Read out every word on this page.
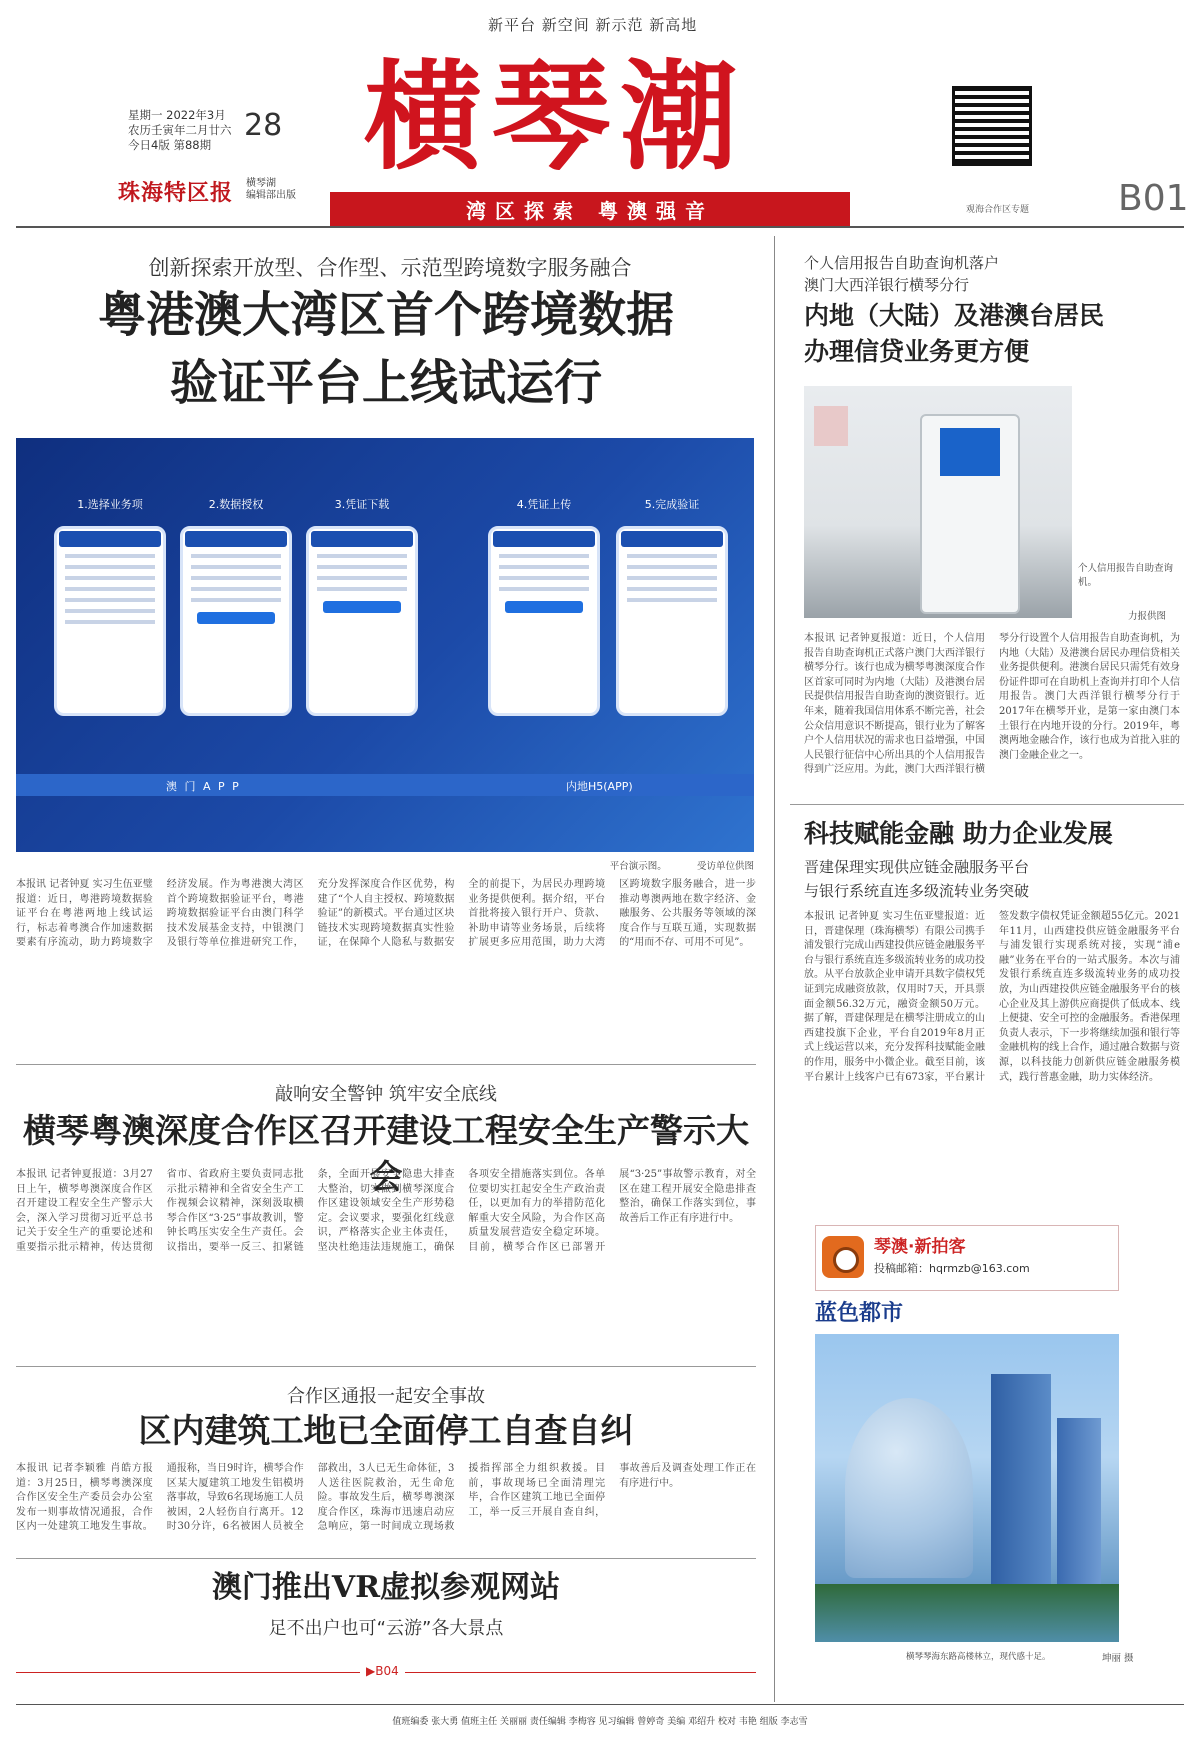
新平台 新空间 新示范 新高地
星期一 2022年3月
农历壬寅年二月廿六
今日4版 第88期
28
珠海特区报 横琴湖
编辑部出版
横琴潮
湾区探索 粤澳强音	观海合作区专题 B01
创新探索开放型、合作型、示范型跨境数字服务融合
粤港澳大湾区首个跨境数据
验证平台上线试运行
1.选择业务项	2.数据授权	3.凭证下载	4.凭证上传	5.完成验证
澳 门 A P P	内地H5(APP)
平台演示图。          受访单位供图
本报讯 记者钟夏 实习生伍亚璧报道：近日，粤港跨境数据验证平台在粤港两地上线试运行，标志着粤澳合作加速数据要素有序流动，助力跨境数字经济发展。作为粤港澳大湾区首个跨境数据验证平台，粤港跨境数据验证平台由澳门科学技术发展基金支持，中银澳门及银行等单位推进研究工作，充分发挥深度合作区优势，构建了“个人自主授权、跨境数据验证”的新模式。平台通过区块链技术实现跨境数据真实性验证，在保障个人隐私与数据安全的前提下，为居民办理跨境业务提供便利。据介绍，平台首批将接入银行开户、贷款、补助申请等业务场景，后续将扩展更多应用范围，助力大湾区跨境数字服务融合，进一步推动粤澳两地在数字经济、金融服务、公共服务等领域的深度合作与互联互通，实现数据的“用而不存、可用不可见”。
敲响安全警钟 筑牢安全底线
横琴粤澳深度合作区召开建设工程安全生产警示大会
本报讯 记者钟夏报道：3月27日上午，横琴粤澳深度合作区召开建设工程安全生产警示大会，深入学习贯彻习近平总书记关于安全生产的重要论述和重要指示批示精神，传达贯彻省市、省政府主要负责同志批示批示精神和全省安全生产工作视频会议精神，深刻汲取横琴合作区“3·25”事故教训，警钟长鸣压实安全生产责任。会议指出，要举一反三、扣紧链条，全面开展安全隐患大排查大整治，切实做到横琴深度合作区建设领域安全生产形势稳定。会议要求，要强化红线意识，严格落实企业主体责任，坚决杜绝违法违规施工，确保各项安全措施落实到位。各单位要切实扛起安全生产政治责任，以更加有力的举措防范化解重大安全风险，为合作区高质量发展营造安全稳定环境。目前，横琴合作区已部署开展“3·25”事故警示教育，对全区在建工程开展安全隐患排查整治，确保工作落实到位，事故善后工作正有序进行中。
合作区通报一起安全事故
区内建筑工地已全面停工自查自纠
本报讯 记者李颖雅 肖皓方报道：3月25日，横琴粤澳深度合作区安全生产委员会办公室发布一则事故情况通报，合作区内一处建筑工地发生事故。通报称，当日9时许，横琴合作区某大厦建筑工地发生铝模坍落事故，导致6名现场施工人员被困，2人轻伤自行离开。12时30分许，6名被困人员被全部救出，3人已无生命体征，3人送往医院救治，无生命危险。事故发生后，横琴粤澳深度合作区，珠海市迅速启动应急响应，第一时间成立现场救援指挥部全力组织救援。目前，事故现场已全面清理完毕，合作区建筑工地已全面停工，举一反三开展自查自纠，事故善后及调查处理工作正在有序进行中。
澳门推出VR虚拟参观网站
足不出户也可“云游”各大景点
▶B04
个人信用报告自助查询机落户
澳门大西洋银行横琴分行
内地（大陆）及港澳台居民
办理信贷业务更方便
个人信用报告自助查询机。
力报供图
本报讯 记者钟夏报道：近日，个人信用报告自助查询机正式落户澳门大西洋银行横琴分行。该行也成为横琴粤澳深度合作区首家可同时为内地（大陆）及港澳台居民提供信用报告自助查询的澳资银行。近年来，随着我国信用体系不断完善，社会公众信用意识不断提高，银行业为了解客户个人信用状况的需求也日益增强，中国人民银行征信中心所出具的个人信用报告得到广泛应用。为此，澳门大西洋银行横琴分行设置个人信用报告自助查询机，为内地（大陆）及港澳台居民办理信贷相关业务提供便利。港澳台居民只需凭有效身份证件即可在自助机上查询并打印个人信用报告。澳门大西洋银行横琴分行于2017年在横琴开业，是第一家由澳门本土银行在内地开设的分行。2019年，粤澳两地金融合作，该行也成为首批入驻的澳门金融企业之一。
科技赋能金融 助力企业发展
晋建保理实现供应链金融服务平台
与银行系统直连多级流转业务突破
本报讯 记者钟夏 实习生伍亚璧报道：近日，晋建保理（珠海横琴）有限公司携手浦发银行完成山西建投供应链金融服务平台与银行系统直连多级流转业务的成功投放。从平台放款企业申请开具数字债权凭证到完成融资放款，仅用时7天，开具票面金额56.32万元，融资金额50万元。据了解，晋建保理是在横琴注册成立的山西建投旗下企业，平台自2019年8月正式上线运营以来，充分发挥科技赋能金融的作用，服务中小微企业。截至目前，该平台累计上线客户已有673家，平台累计签发数字债权凭证金额超55亿元。2021年11月，山西建投供应链金融服务平台与浦发银行实现系统对接，实现“浦e融”业务在平台的一站式服务。本次与浦发银行系统直连多级流转业务的成功投放，为山西建投供应链金融服务平台的核心企业及其上游供应商提供了低成本、线上便捷、安全可控的金融服务。香港保理负责人表示，下一步将继续加强和银行等金融机构的线上合作，通过融合数据与资源，以科技能力创新供应链金融服务模式，践行普惠金融，助力实体经济。
琴澳·新拍客
投稿邮箱：hqrmzb@163.com
蓝色都市
横琴琴海东路高楼林立，现代感十足。	坤丽 摄
值班编委 张大勇 值班主任 关丽丽 责任编辑 李梅容 见习编辑 曾婷奇 美编 邓绍升 校对 韦艳 组版 李志雪
